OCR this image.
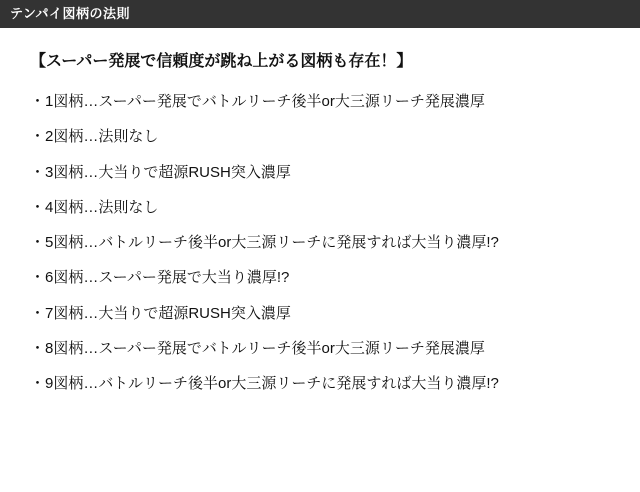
テンパイ図柄の法則
【スーパー発展で信頼度が跳ね上がる図柄も存在！】
・1図柄…スーパー発展でバトルリーチ後半or大三源リーチ発展濃厚
・2図柄…法則なし
・3図柄…大当りで超源RUSH突入濃厚
・4図柄…法則なし
・5図柄…バトルリーチ後半or大三源リーチに発展すれば大当り濃厚!?
・6図柄…スーパー発展で大当り濃厚!?
・7図柄…大当りで超源RUSH突入濃厚
・8図柄…スーパー発展でバトルリーチ後半or大三源リーチ発展濃厚
・9図柄…バトルリーチ後半or大三源リーチに発展すれば大当り濃厚!?
